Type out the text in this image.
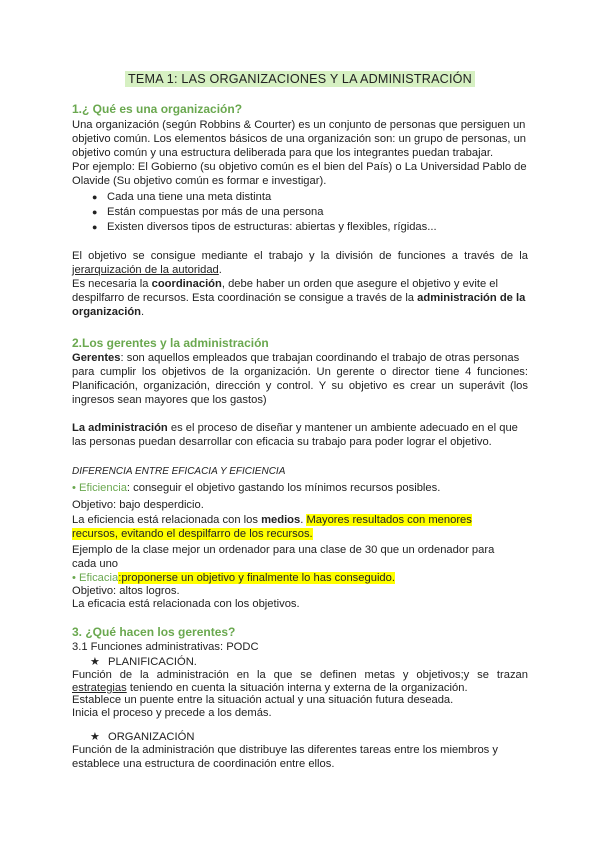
TEMA 1: LAS ORGANIZACIONES Y LA ADMINISTRACIÓN
1.¿ Qué es una organización?
Una organización (según Robbins & Courter) es un conjunto de personas que persiguen un
objetivo común. Los elementos básicos de una organización son: un grupo de personas, un
objetivo común y una estructura deliberada para que los integrantes puedan trabajar.
Por ejemplo: El Gobierno (su objetivo común es el bien del País) o La Universidad Pablo de
Olavide (Su objetivo común es formar e investigar).
● Cada una tiene una meta distinta
● Están compuestas por más de una persona
● Existen diversos tipos de estructuras: abiertas y flexibles, rígidas...
El objetivo se consigue mediante el trabajo y la división de funciones a través de la
jerarquización de la autoridad.
Es necesaria la coordinación, debe haber un orden que asegure el objetivo y evite el
despilfarro de recursos. Esta coordinación se consigue a través de la administración de la
organización.
2.Los gerentes y la administración
Gerentes: son aquellos empleados que trabajan coordinando el trabajo de otras personas
para cumplir los objetivos de la organización. Un gerente o director tiene 4 funciones:
Planificación, organización, dirección y control. Y su objetivo es crear un superávit (los
ingresos sean mayores que los gastos)
La administración es el proceso de diseñar y mantener un ambiente adecuado en el que
las personas puedan desarrollar con eficacia su trabajo para poder lograr el objetivo.
DIFERENCIA ENTRE EFICACIA Y EFICIENCIA
• Eficiencia: conseguir el objetivo gastando los mínimos recursos posibles.
Objetivo: bajo desperdicio.
La eficiencia está relacionada con los medios. Mayores resultados con menores
recursos, evitando el despilfarro de los recursos.
Ejemplo de la clase mejor un ordenador para una clase de 30 que un ordenador para
cada uno
• Eficacia:proponerse un objetivo y finalmente lo has conseguido.
Objetivo: altos logros.
La eficacia está relacionada con los objetivos.
3. ¿Qué hacen los gerentes?
3.1 Funciones administrativas: PODC
★ PLANIFICACIÓN.
Función de la administración en la que se definen metas y objetivos;y se trazan
estrategias teniendo en cuenta la situación interna y externa de la organización.
Establece un puente entre la situación actual y una situación futura deseada.
Inicia el proceso y precede a los demás.
★ ORGANIZACIÓN
Función de la administración que distribuye las diferentes tareas entre los miembros y
establece una estructura de coordinación entre ellos.
